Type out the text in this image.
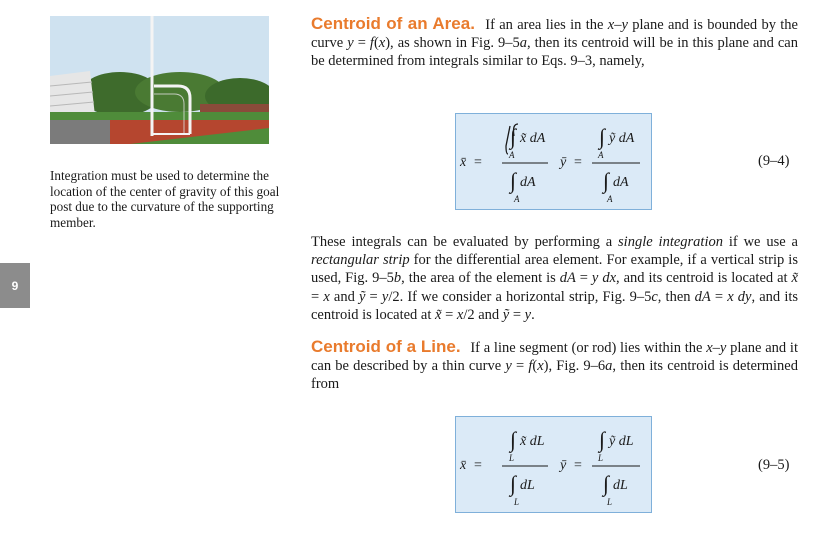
Integration must be used to determine the location of the center of gravity of this goal post due to the curvature of the supporting member.
9
Centroid of an Area. If an area lies in the x–y plane and is bounded by the curve y = f(x), as shown in Fig. 9–5a, then its centroid will be in this plane and can be determined from integrals similar to Eqs. 9–3, namely,
x̄ =
∫ x̃ dA
A
∫ dA
A
ȳ =
∫ ỹ dA
A
∫ dA
A
(9–4)
These integrals can be evaluated by performing a single integration if we use a rectangular strip for the differential area element. For example, if a vertical strip is used, Fig. 9–5b, the area of the element is dA = y dx, and its centroid is located at x̃ = x and ỹ = y/2. If we consider a horizontal strip, Fig. 9–5c, then dA = x dy, and its centroid is located at x̃ = x/2 and ỹ = y.
Centroid of a Line. If a line segment (or rod) lies within the x–y plane and it can be described by a thin curve y = f(x), Fig. 9–6a, then its centroid is determined from
x̄ =
∫ x̃ dL
L
∫ dL
L
ȳ =
∫ ỹ dL
L
∫ dL
L
(9–5)
